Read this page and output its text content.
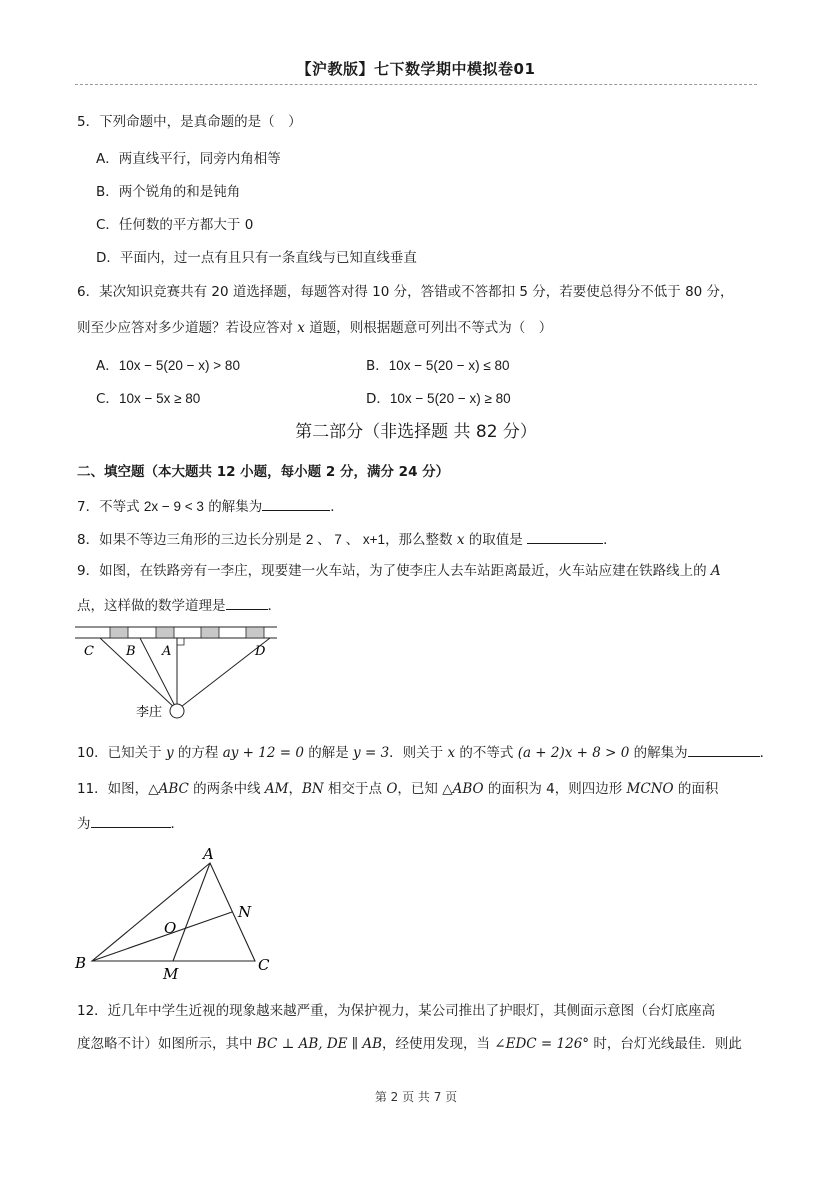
【沪教版】七下数学期中模拟卷01
5．下列命题中，是真命题的是（　）
A．两直线平行，同旁内角相等
B．两个锐角的和是钝角
C．任何数的平方都大于 0
D．平面内，过一点有且只有一条直线与已知直线垂直
6．某次知识竞赛共有 20 道选择题，每题答对得 10 分，答错或不答都扣 5 分，若要使总得分不低于 80 分，
则至少应答对多少道题？若设应答对 x 道题，则根据题意可列出不等式为（　）
A．10x − 5(20 − x) > 80	B．10x − 5(20 − x) ≤ 80
C．10x − 5x ≥ 80	D．10x − 5(20 − x) ≥ 80
第二部分（非选择题 共 82 分）
二、填空题（本大题共 12 小题，每小题 2 分，满分 24 分）
7．不等式 2x − 9 < 3 的解集为	．
8．如果不等边三角形的三边长分别是 2 、 7 、 x+1，那么整数 x 的取值是	．
9．如图，在铁路旁有一李庄，现要建一火车站，为了使李庄人去车站距离最近，火车站应建在铁路线上的 A
点，这样做的数学道理是	．
C B A	D
李庄
10．已知关于 y 的方程 ay + 12 = 0 的解是 y = 3．则关于 x 的不等式 (a + 2)x + 8 > 0 的解集为	．
11．如图，△ABC 的两条中线 AM，BN 相交于点 O，已知 △ABO 的面积为 4，则四边形 MCNO 的面积
为	．
A
B	C
M
N
O
12．近几年中学生近视的现象越来越严重，为保护视力，某公司推出了护眼灯，其侧面示意图（台灯底座高
度忽略不计）如图所示，其中 BC ⊥ AB, DE ∥ AB，经使用发现，当 ∠EDC = 126° 时，台灯光线最佳．则此
第 2 页 共 7 页
